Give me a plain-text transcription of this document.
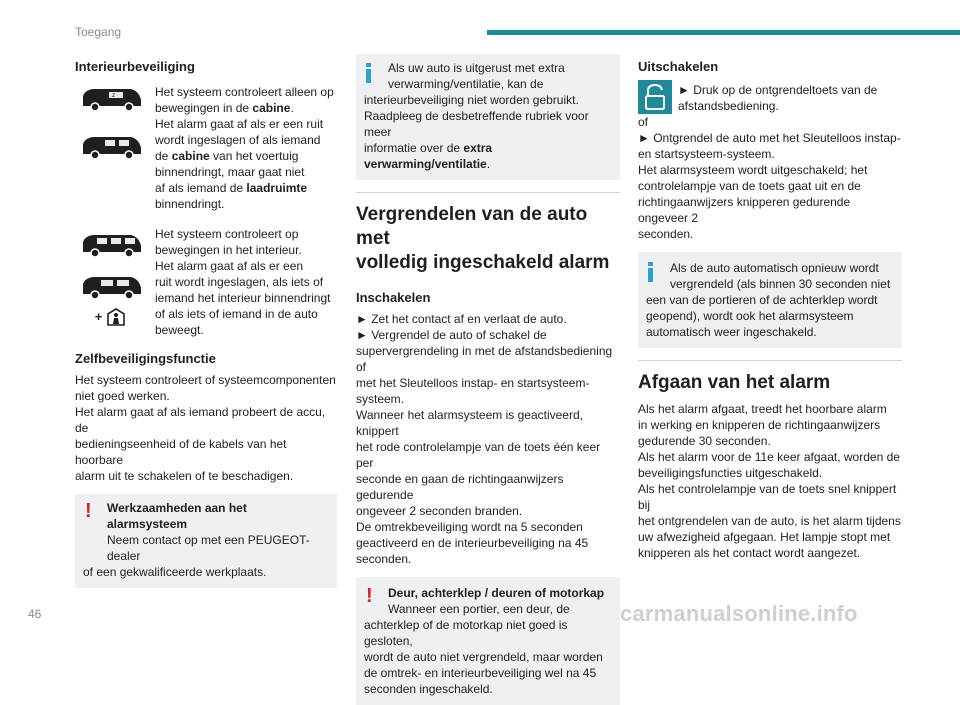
Toegang
Interieurbeveiliging
z	Het systeem controleert alleen op

bewegingen in de cabine.

Het alarm gaat af als er een ruit

wordt ingeslagen of als iemand

de cabine van het voertuig

binnendringt, maar gaat niet

af als iemand de laadruimte

binnendringt.

+

Het systeem controleert op

bewegingen in het interieur.

Het alarm gaat af als er een

ruit wordt ingeslagen, als iets of

iemand het interieur binnendringt

of als iets of iemand in de auto

beweegt.

Zelfbeveiligingsfunctie

Het systeem controleert of systeemcomponenten

niet goed werken.

Het alarm gaat af als iemand probeert de accu, de

bedieningseenheid of de kabels van het hoorbare

alarm uit te schakelen of te beschadigen.

!	Werkzaamheden aan het alarmsysteem

Neem contact op met een PEUGEOT-dealer

of een gekwalificeerde werkplaats.

Als uw auto is uitgerust met extra

verwarming/ventilatie, kan de

interieurbeveiliging niet worden gebruikt.

Raadpleeg de desbetreffende rubriek voor meer

informatie over de extra verwarming/ventilatie.

Vergrendelen van de auto met
volledig ingeschakeld alarm
Inschakelen

► Zet het contact af en verlaat de auto.

► Vergrendel de auto of schakel de

supervergrendeling in met de afstandsbediening of

met het Sleutelloos instap- en startsysteem-systeem.

Wanneer het alarmsysteem is geactiveerd, knippert

het rode controlelampje van de toets één keer per

seconde en gaan de richtingaanwijzers gedurende

ongeveer 2 seconden branden.

De omtrekbeveiliging wordt na 5 seconden

geactiveerd en de interieurbeveiliging na 45

seconden.

!	Deur, achterklep / deuren of motorkap

Wanneer een portier, een deur, de

achterklep of de motorkap niet goed is gesloten,

wordt de auto niet vergrendeld, maar worden

de omtrek- en interieurbeveiliging wel na 45

seconden ingeschakeld.

Uitschakelen

► Druk op de ontgrendeltoets van de

afstandsbediening.

of

► Ontgrendel de auto met het Sleutelloos instap-

en startsysteem-systeem.

Het alarmsysteem wordt uitgeschakeld; het

controlelampje van de toets gaat uit en de

richtingaanwijzers knipperen gedurende ongeveer 2

seconden.

Als de auto automatisch opnieuw wordt

vergrendeld (als binnen 30 seconden niet

een van de portieren of de achterklep wordt

geopend), wordt ook het alarmsysteem

automatisch weer ingeschakeld.

Afgaan van het alarm

Als het alarm afgaat, treedt het hoorbare alarm

in werking en knipperen de richtingaanwijzers

gedurende 30 seconden.

Als het alarm voor de 11e keer afgaat, worden de

beveiligingsfuncties uitgeschakeld.

Als het controlelampje van de toets snel knippert bij

het ontgrendelen van de auto, is het alarm tijdens

uw afwezigheid afgegaan. Het lampje stopt met

knipperen als het contact wordt aangezet.

46	carmanualsonline.info
